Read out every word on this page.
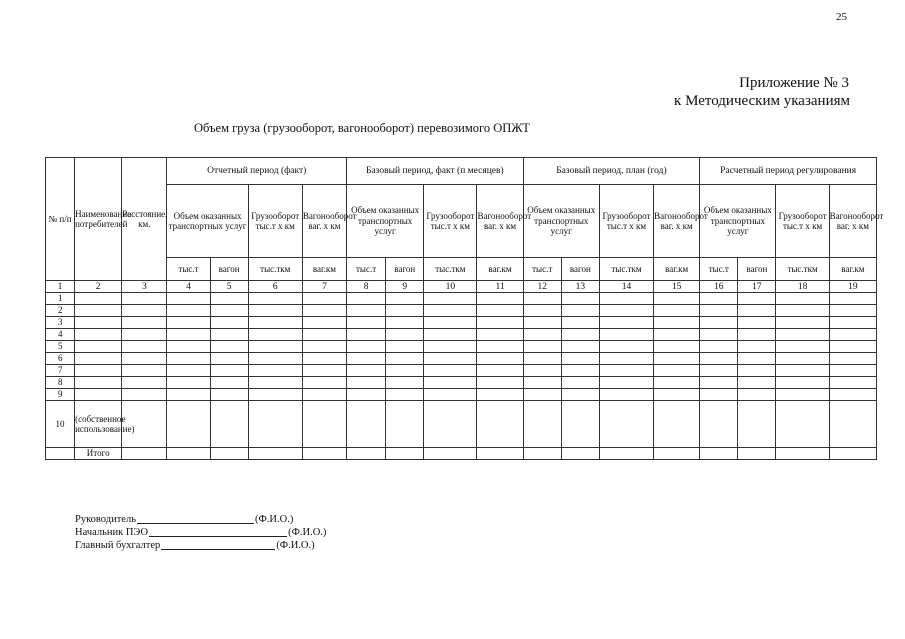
25
Приложение № 3
к Методическим указаниям
Объем груза (грузооборот, вагонооборот) перевозимого ОПЖТ
№ п/п	Наименование потребителей	Расстояние, км.	Отчетный период (факт)				Базовый период, факт (п месяцев)				Базовый период, план (год)				Расчетный период регулирования			
			Объем оказанных транспортных услуг		Грузооборот тыс.т х км	Вагонооборот ваг. х км	Объем оказанных транспортных услуг		Грузооборот тыс.т х км	Вагонооборот ваг. х км	Объем оказанных транспортных услуг		Грузооборот тыс.т х км	Вагонооборот ваг. х км	Объем оказанных транспортных услуг		Грузооборот тыс.т х км	Вагонооборот ваг. х км
			тыс.т	вагон	тыс.ткм	ваг.км	тыс.т	вагон	тыс.ткм	ваг.км	тыс.т	вагон	тыс.ткм	ваг.км	тыс.т	вагон	тыс.ткм	ваг.км
1	2	3	4	5	6	7	8	9	10	11	12	13	14	15	16	17	18	19
1																		
2																		
3																		
4																		
5																		
6																		
7																		
8																		
9																		
10	(собственное использование)																	
	Итого																	
Руководитель	(Ф.И.О.)
Начальник ПЭО	(Ф.И.О.)
Главный бухгалтер	(Ф.И.О.)
